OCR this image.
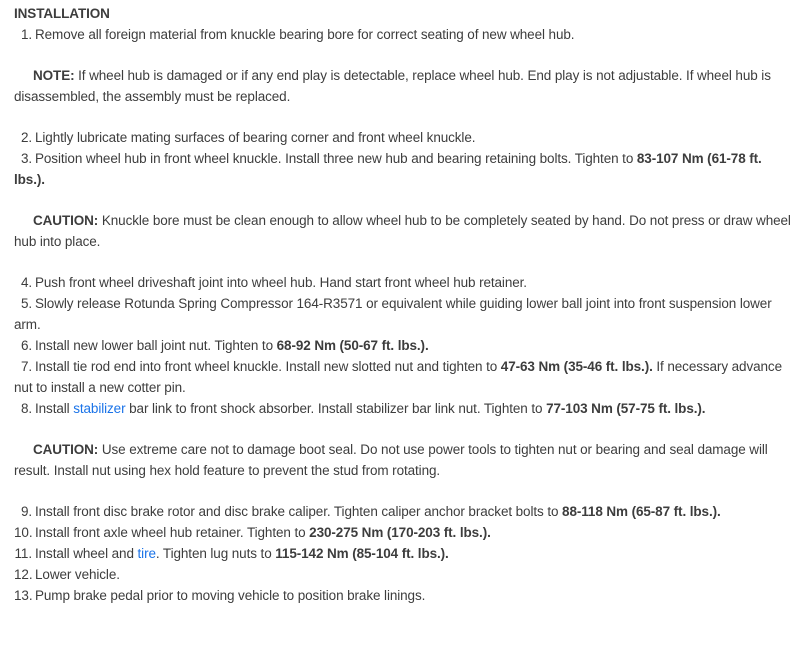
INSTALLATION
1. Remove all foreign material from knuckle bearing bore for correct seating of new wheel hub.

NOTE: If wheel hub is damaged or if any end play is detectable, replace wheel hub. End play is not adjustable. If wheel hub is disassembled, the assembly must be replaced.

2. Lightly lubricate mating surfaces of bearing corner and front wheel knuckle.
3. Position wheel hub in front wheel knuckle. Install three new hub and bearing retaining bolts. Tighten to 83-107 Nm (61-78 ft. lbs.).

CAUTION: Knuckle bore must be clean enough to allow wheel hub to be completely seated by hand. Do not press or draw wheel hub into place.

4. Push front wheel driveshaft joint into wheel hub. Hand start front wheel hub retainer.
5. Slowly release Rotunda Spring Compressor 164-R3571 or equivalent while guiding lower ball joint into front suspension lower arm.
6. Install new lower ball joint nut. Tighten to 68-92 Nm (50-67 ft. lbs.).
7. Install tie rod end into front wheel knuckle. Install new slotted nut and tighten to 47-63 Nm (35-46 ft. lbs.). If necessary advance nut to install a new cotter pin.
8. Install stabilizer bar link to front shock absorber. Install stabilizer bar link nut. Tighten to 77-103 Nm (57-75 ft. lbs.).

CAUTION: Use extreme care not to damage boot seal. Do not use power tools to tighten nut or bearing and seal damage will result. Install nut using hex hold feature to prevent the stud from rotating.

9. Install front disc brake rotor and disc brake caliper. Tighten caliper anchor bracket bolts to 88-118 Nm (65-87 ft. lbs.).
10. Install front axle wheel hub retainer. Tighten to 230-275 Nm (170-203 ft. lbs.).
11. Install wheel and tire. Tighten lug nuts to 115-142 Nm (85-104 ft. lbs.).
12. Lower vehicle.
13. Pump brake pedal prior to moving vehicle to position brake linings.
